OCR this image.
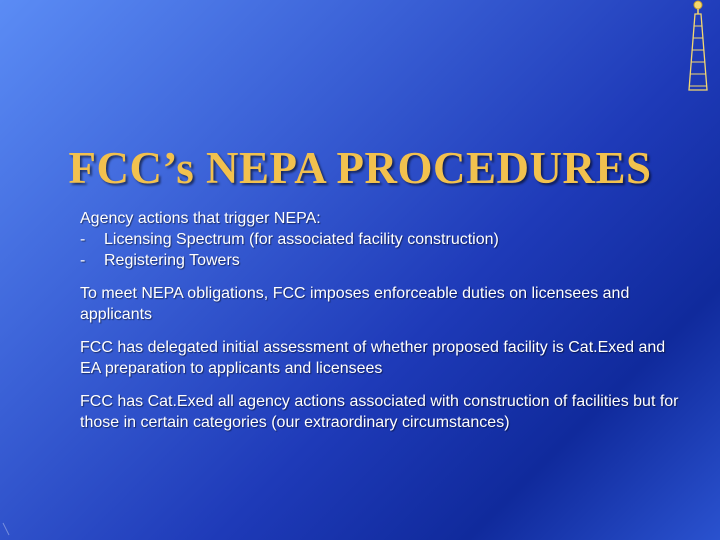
FCC’s NEPA PROCEDURES

Agency actions that trigger NEPA:

- Licensing Spectrum (for associated facility construction)
- Registering Towers

To meet NEPA obligations, FCC imposes enforceable duties on licensees and applicants

FCC has delegated initial assessment of whether proposed facility is Cat.Exed and EA preparation to applicants and licensees

FCC has Cat.Exed all agency actions associated with construction of facilities but for those in certain categories (our extraordinary circumstances)
